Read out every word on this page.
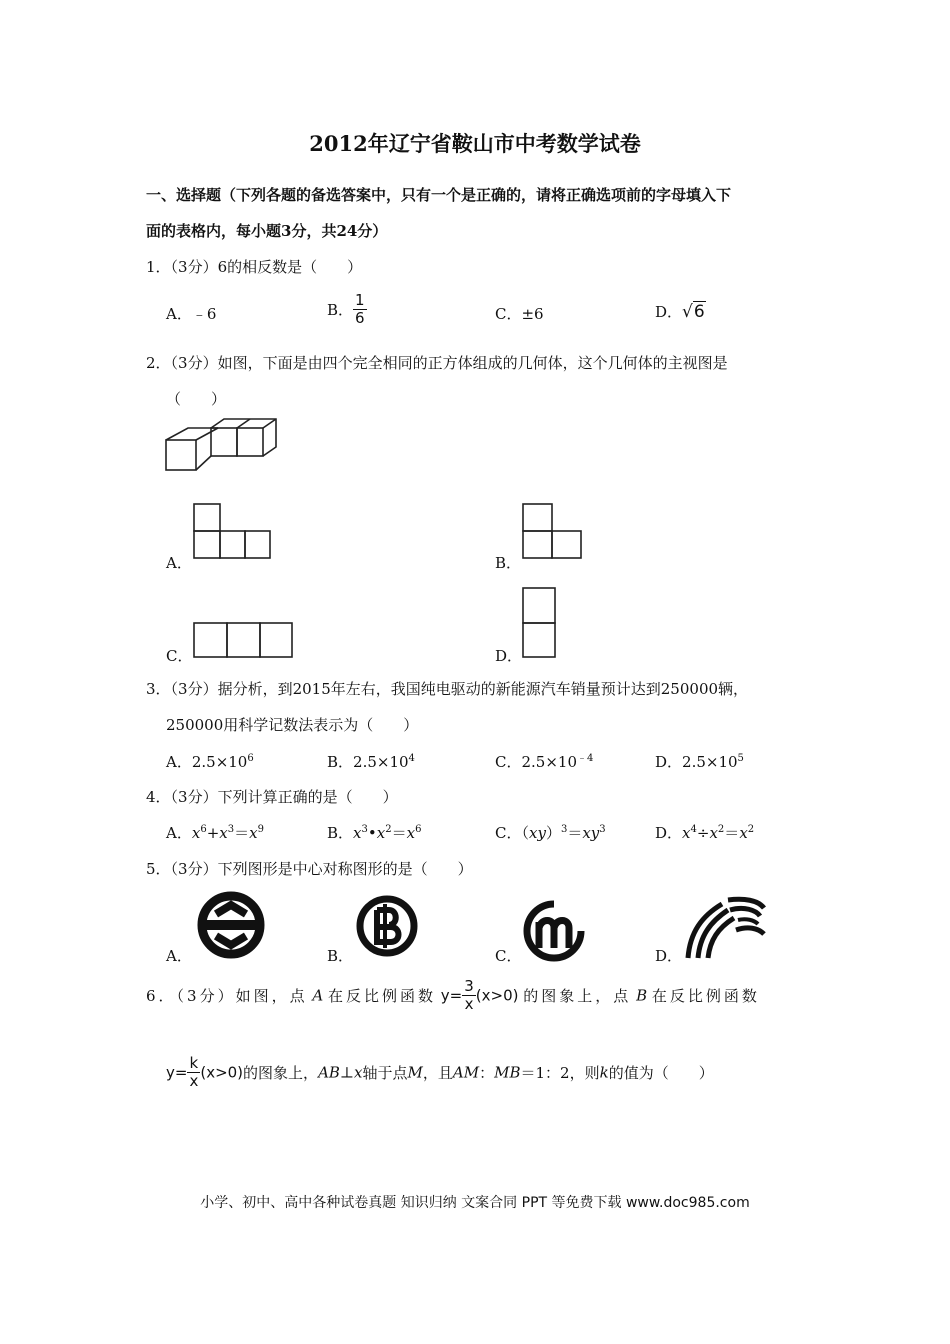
2012年辽宁省鞍山市中考数学试卷
一、选择题（下列各题的备选答案中，只有一个是正确的，请将正确选项前的字母填入下
面的表格内，每小题3分，共24分）
1．（3分）6的相反数是（　　）
A．﹣6	B． $\frac{1}{6}$	C．±6	D．√6
2．（3分）如图，下面是由四个完全相同的正方体组成的几何体，这个几何体的主视图是
（　　）
A．	B．
C．	D．
3．（3分）据分析，到2015年左右，我国纯电驱动的新能源汽车销量预计达到250000辆，
250000用科学记数法表示为（　　）
A．$2.5\times 10^6$	B．$2.5\times 10^4$	C．$2.5\times 10^{﹣4}$	D．$2.5\times 10^5$
4．（3分）下列计算正确的是（　　）
A．$x^6+x^3=x^9$	B．$x^3•x^2=x^6$	C．$(xy)^3=xy^3$	D．$x^4\div x^2=x^2$
5．（3分）下列图形是中心对称图形的是（　　）
A．	B．	C．	D．
6．（3分）如图，点 A 在反比例函数 $y= \frac{3}{x} (x>0)$ 的图象上，点 B 在反比例函数
$y= \frac{k}{x} (x>0)$的图象上，AB⊥x轴于点M，且AM：MB＝1：2，则k的值为（　　）
小学、初中、高中各种试卷真题 知识归纳 文案合同 PPT 等免费下载 www.doc985.com
